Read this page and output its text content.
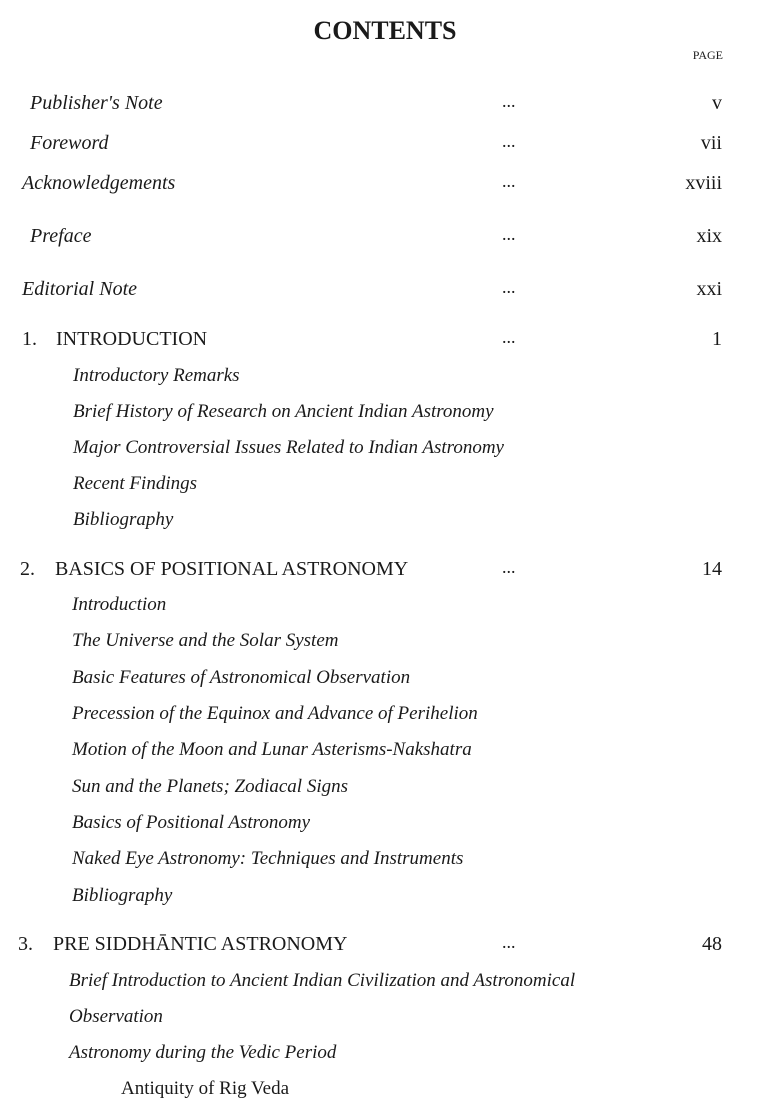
CONTENTS
PAGE
Publisher's Note	...	v
Foreword	...	vii
Acknowledgements	...	xviii
Preface	...	xix
Editorial Note	...	xxi
1. INTRODUCTION	...	1
Introductory Remarks
Brief History of Research on Ancient Indian Astronomy
Major Controversial Issues Related to Indian Astronomy
Recent Findings
Bibliography
2. BASICS OF POSITIONAL ASTRONOMY	...	14
Introduction
The Universe and the Solar System
Basic Features of Astronomical Observation
Precession of the Equinox and Advance of Perihelion
Motion of the Moon and Lunar Asterisms-Nakshatra
Sun and the Planets; Zodiacal Signs
Basics of Positional Astronomy
Naked Eye Astronomy: Techniques and Instruments
Bibliography
3. PRE SIDDHĀNTIC ASTRONOMY	...	48
Brief Introduction to Ancient Indian Civilization and Astronomical
Observation
Astronomy during the Vedic Period
Antiquity of Rig Veda
